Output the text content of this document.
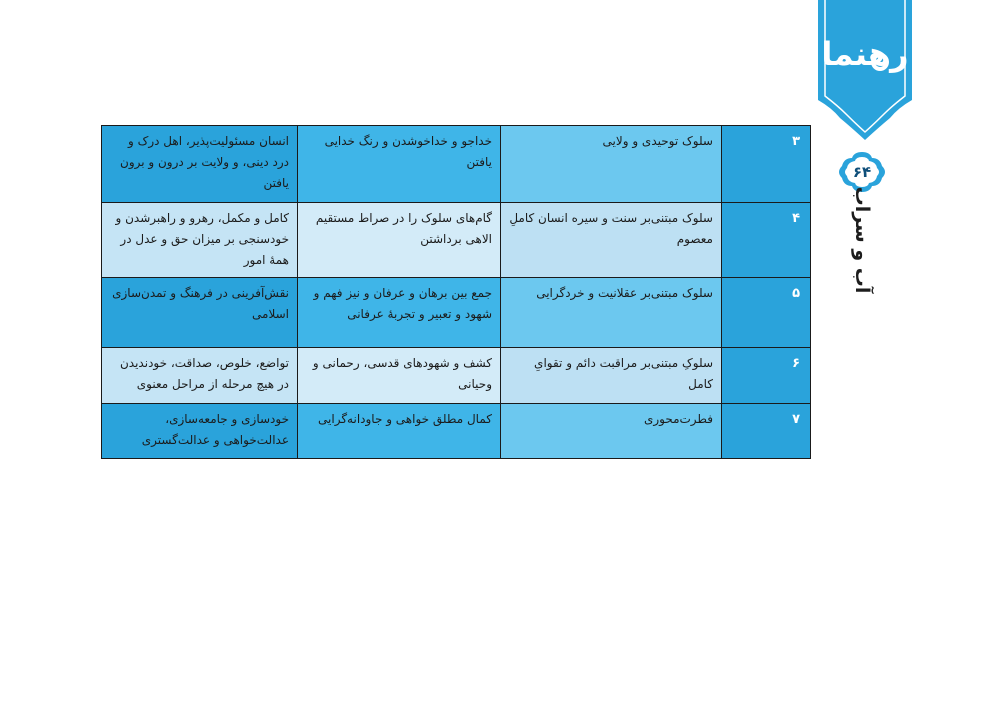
رهنما
۶۴
آب و سراب
۳	سلوک توحیدی و ولایی	خداجو و خداخوشدن و رنگ خدایی یافتن	انسان مسئولیت‌پذیر، اهل درک و درد دینی، و ولایت بر درون و برون یافتن
۴	سلوک مبتنی‌بر سنت و سیره انسان کاملِ معصوم	گام‌های سلوک را در صراط مستقیم الاهی برداشتن	کامل و مکمل، رهرو و راهبرشدن و خودسنجی بر میزان حق و عدل در همهٔ امور
۵	سلوک مبتنی‌بر عقلانیت و خردگرایی	جمع بین برهان و عرفان و نیز فهم و شهود و تعبیر و تجربهٔ عرفانی	نقش‌آفرینی در فرهنگ و تمدن‌سازی اسلامی
۶	سلوکِ مبتنی‌بر مراقبت دائم و تقوایِ کامل	کشف و شهودهای قدسی، رحمانی و وحیانی	تواضع، خلوص، صداقت، خودندیدن در هیچ مرحله از مراحل معنوی
۷	فطرت‌محوری	کمال مطلق خواهی و جاودانه‌گرایی	خودسازی و جامعه‌سازی، عدالت‌خواهی و عدالت‌گستری
